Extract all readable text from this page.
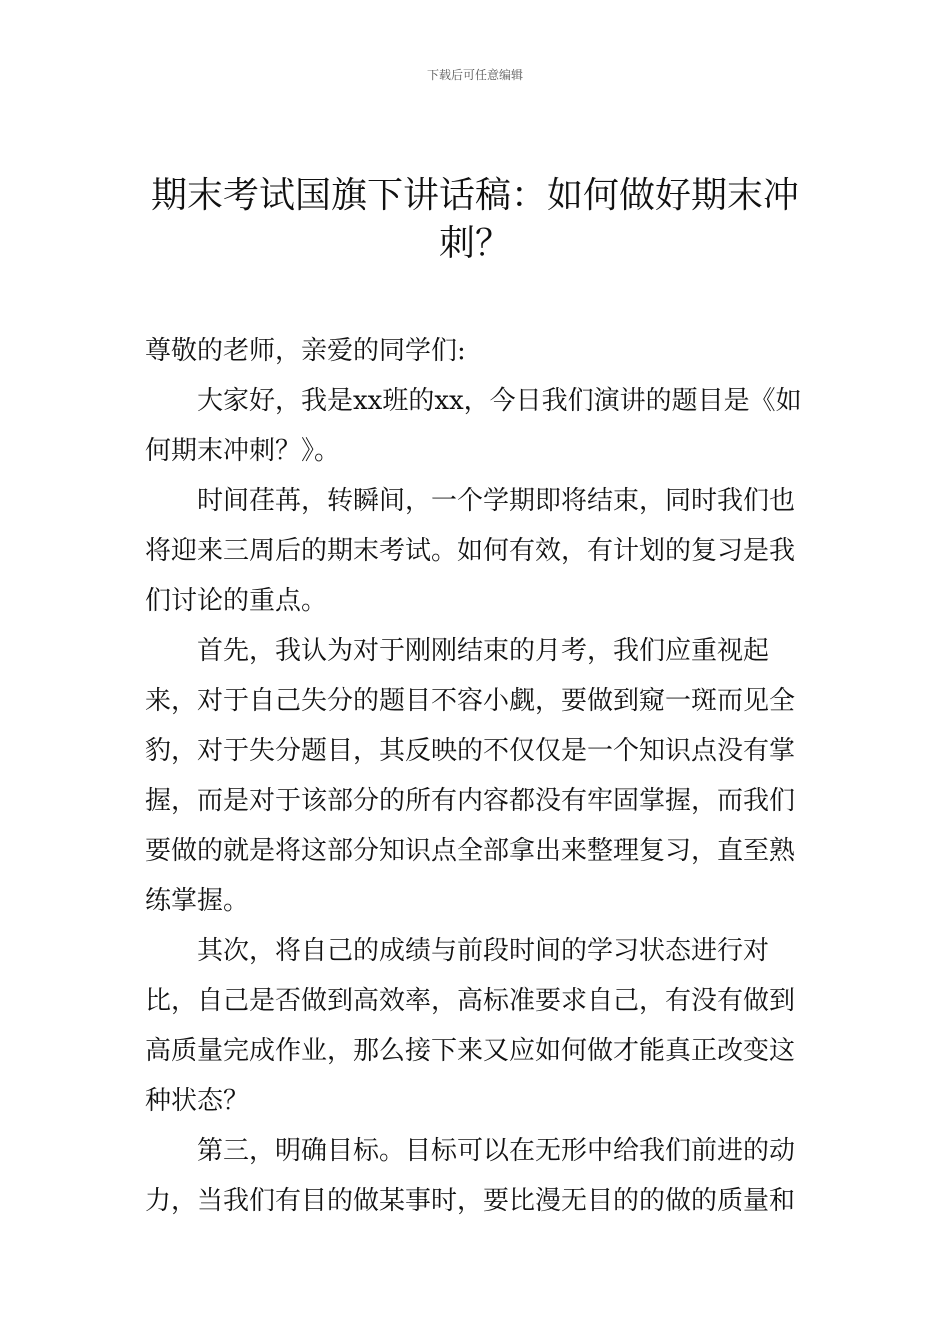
下载后可任意编辑
期末考试国旗下讲话稿：如何做好期末冲刺？

尊敬的老师，亲爱的同学们:

大家好，我是xx班的xx，今日我们演讲的题目是《如何期末冲刺？》。

时间荏苒，转瞬间，一个学期即将结束，同时我们也将迎来三周后的期末考试。如何有效，有计划的复习是我们讨论的重点。

首先，我认为对于刚刚结束的月考，我们应重视起来，对于自己失分的题目不容小觑，要做到窥一斑而见全豹，对于失分题目，其反映的不仅仅是一个知识点没有掌握，而是对于该部分的所有内容都没有牢固掌握，而我们要做的就是将这部分知识点全部拿出来整理复习，直至熟练掌握。

其次，将自己的成绩与前段时间的学习状态进行对比，自己是否做到高效率，高标准要求自己，有没有做到高质量完成作业，那么接下来又应如何做才能真正改变这种状态？

第三，明确目标。目标可以在无形中给我们前进的动力，当我们有目的做某事时，要比漫无目的的做的质量和
